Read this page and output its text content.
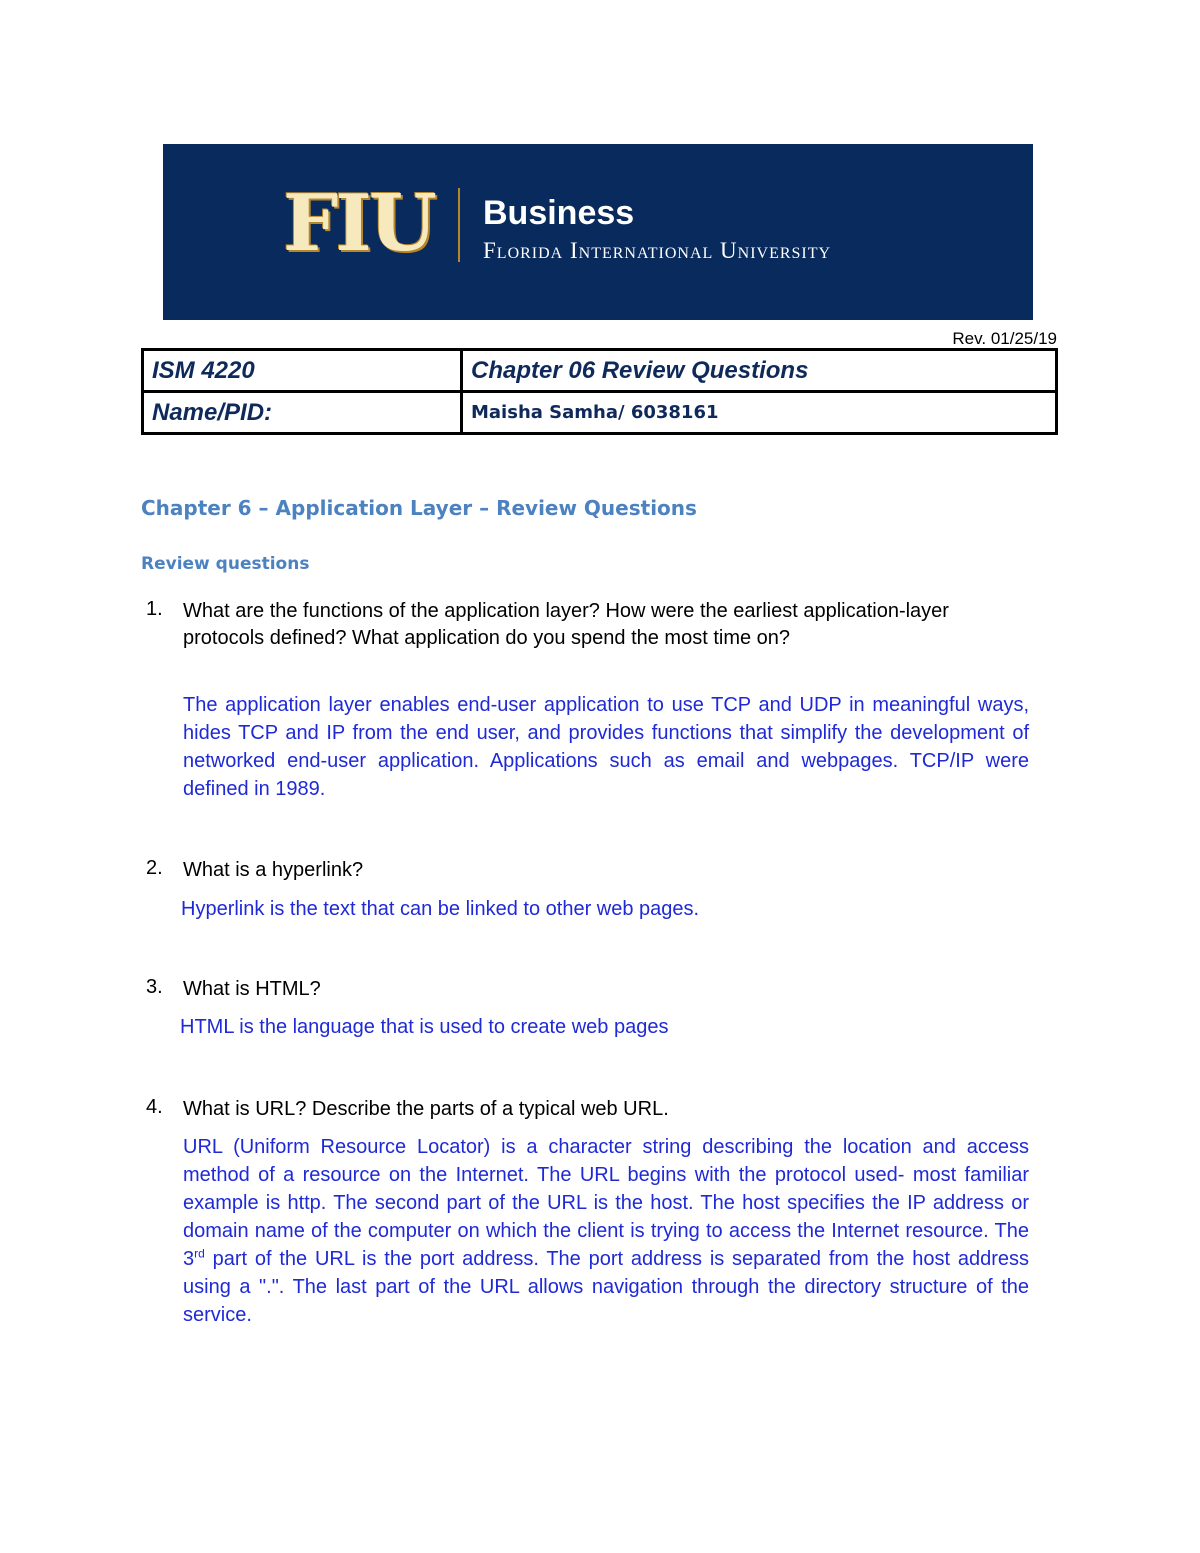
FIU Business
Florida International University
Rev. 01/25/19
ISM 4220	Chapter 06 Review Questions
Name/PID:	Maisha Samha/ 6038161
Chapter 6 – Application Layer – Review Questions
Review questions
1. What are the functions of the application layer? How were the earliest application-layer protocols defined? What application do you spend the most time on?
The application layer enables end-user application to use TCP and UDP in meaningful ways, hides TCP and IP from the end user, and provides functions that simplify the development of networked end-user application. Applications such as email and webpages. TCP/IP were defined in 1989.
2. What is a hyperlink?
Hyperlink is the text that can be linked to other web pages.
3. What is HTML?
HTML is the language that is used to create web pages
4. What is URL? Describe the parts of a typical web URL.
URL (Uniform Resource Locator) is a character string describing the location and access method of a resource on the Internet. The URL begins with the protocol used- most familiar example is http. The second part of the URL is the host. The host specifies the IP address or domain name of the computer on which the client is trying to access the Internet resource. The 3rd part of the URL is the port address. The port address is separated from the host address using a ".". The last part of the URL allows navigation through the directory structure of the service.
